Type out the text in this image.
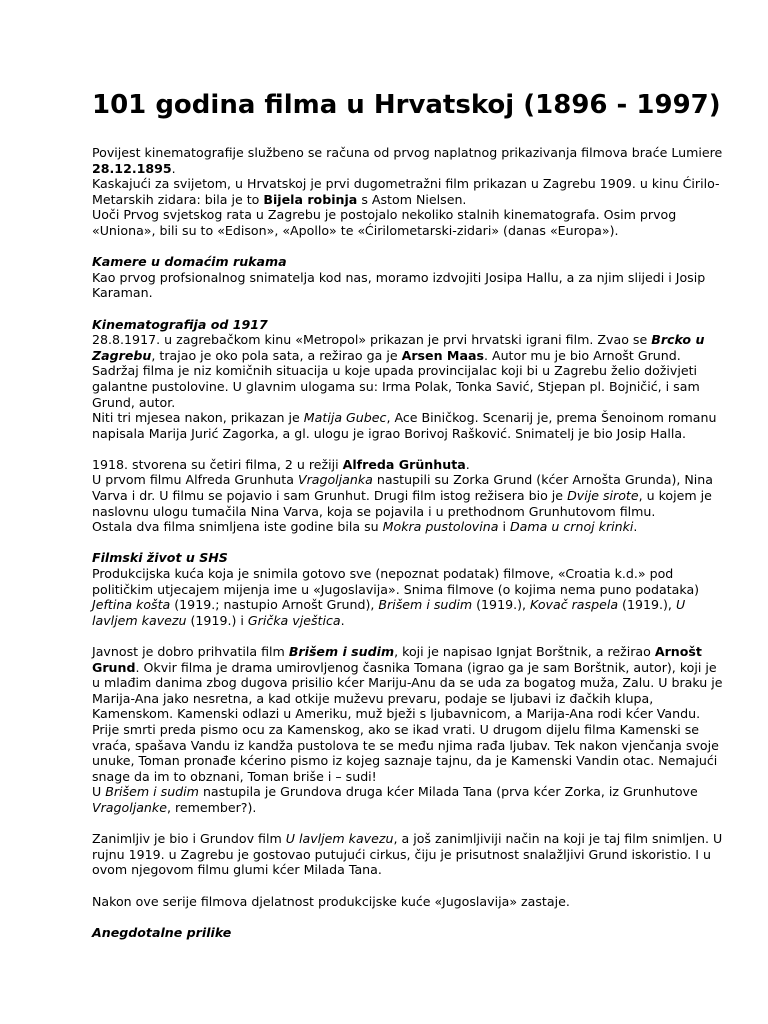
101 godina filma u Hrvatskoj (1896 - 1997)
Povijest kinematografije službeno se računa od prvog naplatnog prikazivanja filmova braće Lumiere 28.12.1895.
Kaskajući za svijetom, u Hrvatskoj je prvi dugometražni film prikazan u Zagrebu 1909. u kinu Ćirilo-Metarskih zidara: bila je to Bijela robinja s Astom Nielsen.
Uoči Prvog svjetskog rata u Zagrebu je postojalo nekoliko stalnih kinematografa. Osim prvog «Uniona», bili su to «Edison», «Apollo» te «Ćirilometarski-zidari» (danas «Europa»).
Kamere u domaćim rukama
Kao prvog profsionalnog snimatelja kod nas, moramo izdvojiti Josipa Hallu, a za njim slijedi i Josip Karaman.
Kinematografija od 1917
28.8.1917. u zagrebačkom kinu «Metropol» prikazan je prvi hrvatski igrani film. Zvao se Brcko u Zagrebu, trajao je oko pola sata, a režirao ga je Arsen Maas. Autor mu je bio Arnošt Grund. Sadržaj filma je niz komičnih situacija u koje upada provincijalac koji bi u Zagrebu želio doživjeti galantne pustolovine. U glavnim ulogama su: Irma Polak, Tonka Savić, Stjepan pl. Bojničić, i sam Grund, autor.
Niti tri mjesea nakon, prikazan je Matija Gubec, Ace Biničkog. Scenarij je, prema Šenoinom romanu napisala Marija Jurić Zagorka, a gl. ulogu je igrao Borivoj Rašković. Snimatelj je bio Josip Halla.
1918. stvorena su četiri filma, 2 u režiji Alfreda Grünhuta.
U prvom filmu Alfreda Grunhuta Vragoljanka nastupili su Zorka Grund (kćer Arnošta Grunda), Nina Varva i dr. U filmu se pojavio i sam Grunhut. Drugi film istog režisera bio je Dvije sirote, u kojem je naslovnu ulogu tumačila Nina Varva, koja se pojavila i u prethodnom Grunhutovom filmu.
Ostala dva filma snimljena iste godine bila su Mokra pustolovina i Dama u crnoj krinki.
Filmski život u SHS
Produkcijska kuća koja je snimila gotovo sve (nepoznat podatak) filmove, «Croatia k.d.» pod političkim utjecajem mijenja ime u «Jugoslavija». Snima filmove (o kojima nema puno podataka) Jeftina košta (1919.; nastupio Arnošt Grund), Brišem i sudim (1919.), Kovač raspela (1919.), U lavljem kavezu (1919.) i Grička vještica.
Javnost je dobro prihvatila film Brišem i sudim, koji je napisao Ignjat Borštnik, a režirao Arnošt Grund. Okvir filma je drama umirovljenog časnika Tomana (igrao ga je sam Borštnik, autor), koji je u mlađim danima zbog dugova prisilio kćer Mariju-Anu da se uda za bogatog muža, Zalu. U braku je Marija-Ana jako nesretna, a kad otkije muževu prevaru, podaje se ljubavi iz đačkih klupa, Kamenskom. Kamenski odlazi u Ameriku, muž bježi s ljubavnicom, a Marija-Ana rodi kćer Vandu. Prije smrti preda pismo ocu za Kamenskog, ako se ikad vrati. U drugom dijelu filma Kamenski se vraća, spašava Vandu iz kandža pustolova te se među njima rađa ljubav. Tek nakon vjenčanja svoje unuke, Toman pronađe kćerino pismo iz kojeg saznaje tajnu, da je Kamenski Vandin otac. Nemajući snage da im to obznani, Toman briše i – sudi!
U Brišem i sudim nastupila je Grundova druga kćer Milada Tana (prva kćer Zorka, iz Grunhutove Vragoljanke, remember?).
Zanimljiv je bio i Grundov film U lavljem kavezu, a još zanimljiviji način na koji je taj film snimljen. U rujnu 1919. u Zagrebu je gostovao putujući cirkus, čiju je prisutnost snalažljivi Grund iskoristio. I u ovom njegovom filmu glumi kćer Milada Tana.
Nakon ove serije filmova djelatnost produkcijske kuće «Jugoslavija» zastaje.
Anegdotalne prilike
